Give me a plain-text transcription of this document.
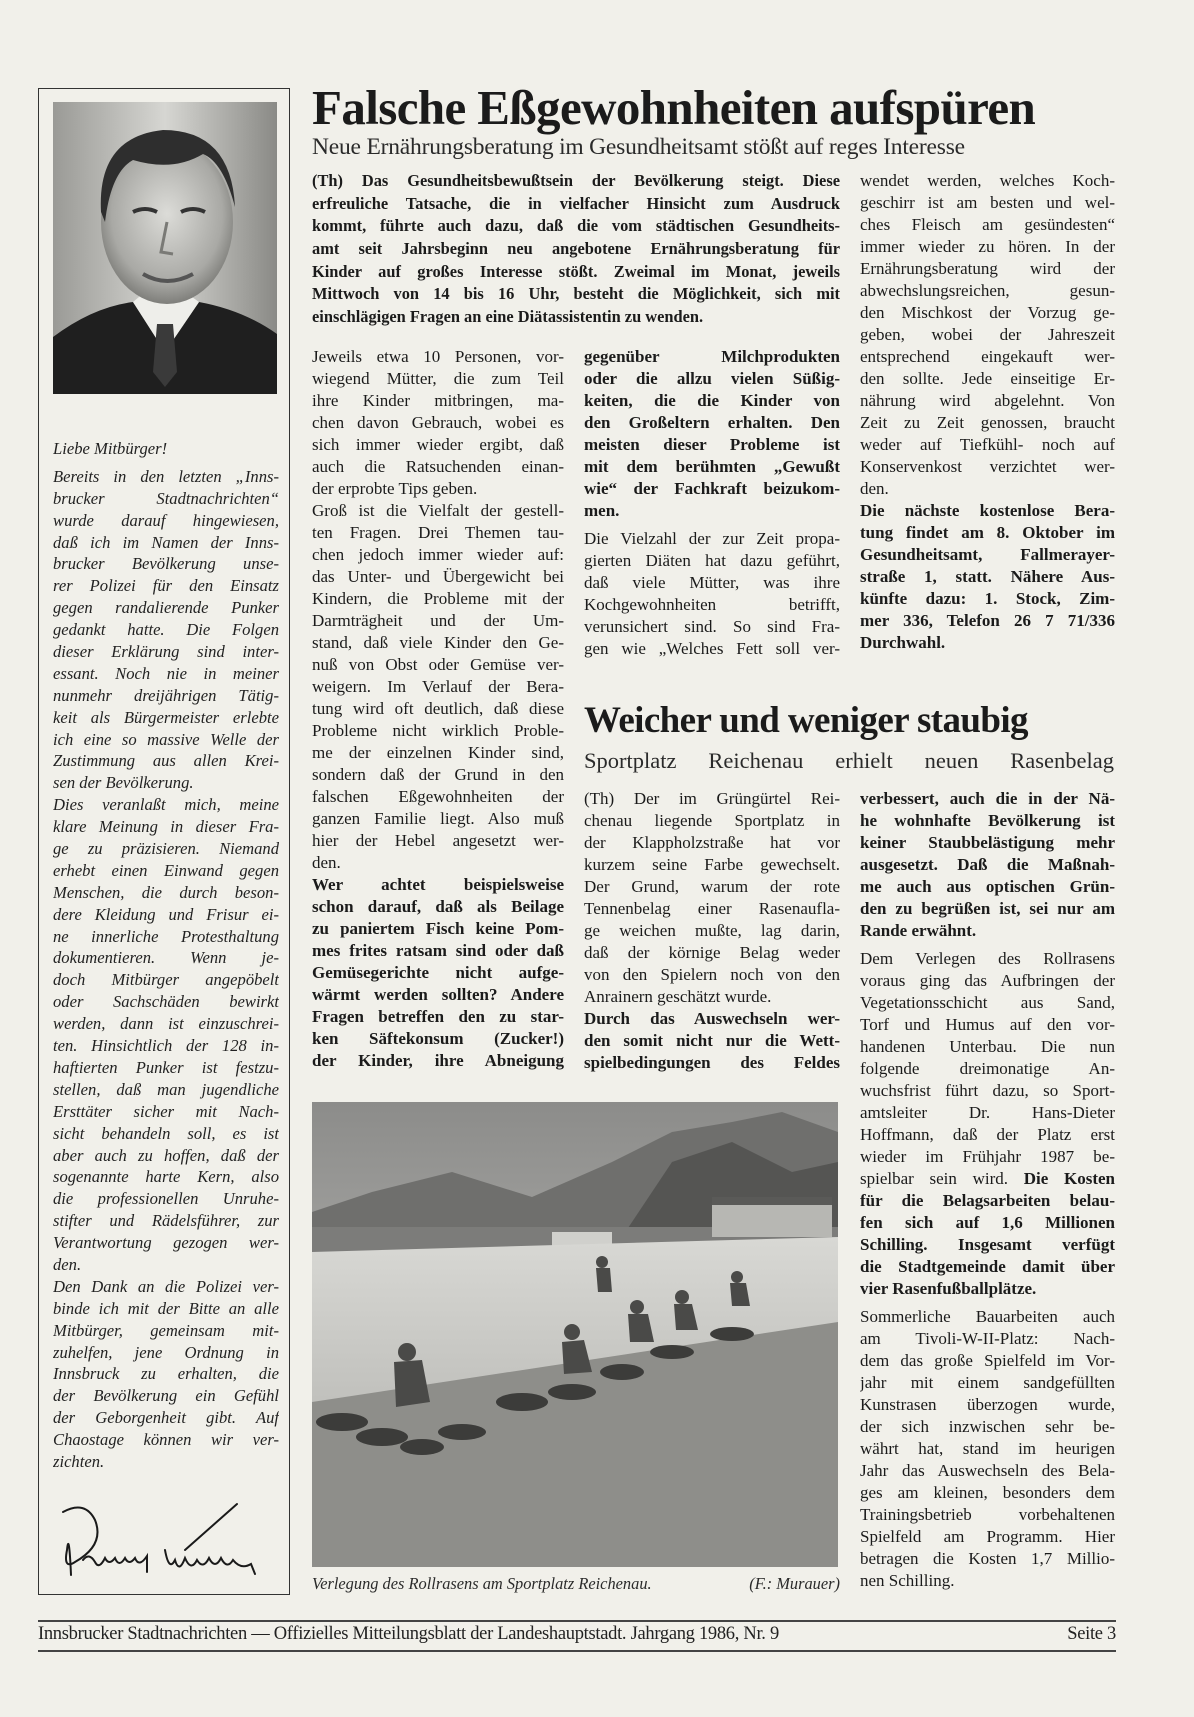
Liebe Mitbürger!
Bereits in den letzten „Inns-
brucker Stadtnachrichten“
wurde darauf hingewiesen,
daß ich im Namen der Inns-
brucker Bevölkerung unse-
rer Polizei für den Einsatz
gegen randalierende Punker
gedankt hatte. Die Folgen
dieser Erklärung sind inter-
essant. Noch nie in meiner
nunmehr dreijährigen Tätig-
keit als Bürgermeister erlebte
ich eine so massive Welle der
Zustimmung aus allen Krei-
sen der Bevölkerung.
Dies veranlaßt mich, meine
klare Meinung in dieser Fra-
ge zu präzisieren. Niemand
erhebt einen Einwand gegen
Menschen, die durch beson-
dere Kleidung und Frisur ei-
ne innerliche Protesthaltung
dokumentieren. Wenn je-
doch Mitbürger angepöbelt
oder Sachschäden bewirkt
werden, dann ist einzuschrei-
ten. Hinsichtlich der 128 in-
haftierten Punker ist festzu-
stellen, daß man jugendliche
Ersttäter sicher mit Nach-
sicht behandeln soll, es ist
aber auch zu hoffen, daß der
sogenannte harte Kern, also
die professionellen Unruhe-
stifter und Rädelsführer, zur
Verantwortung gezogen wer-
den.
Den Dank an die Polizei ver-
binde ich mit der Bitte an alle
Mitbürger, gemeinsam mit-
zuhelfen, jene Ordnung in
Innsbruck zu erhalten, die
der Bevölkerung ein Gefühl
der Geborgenheit gibt. Auf
Chaostage können wir ver-
zichten.
Falsche Eßgewohnheiten aufspüren
Neue Ernährungsberatung im Gesundheitsamt stößt auf reges Interesse
(Th) Das Gesundheitsbewußtsein der Bevölkerung steigt. Diese
erfreuliche Tatsache, die in vielfacher Hinsicht zum Ausdruck
kommt, führte auch dazu, daß die vom städtischen Gesundheits-
amt seit Jahrsbeginn neu angebotene Ernährungsberatung für
Kinder auf großes Interesse stößt. Zweimal im Monat, jeweils
Mittwoch von 14 bis 16 Uhr, besteht die Möglichkeit, sich mit
einschlägigen Fragen an eine Diätassistentin zu wenden.
Jeweils etwa 10 Personen, vor-
wiegend Mütter, die zum Teil
ihre Kinder mitbringen, ma-
chen davon Gebrauch, wobei es
sich immer wieder ergibt, daß
auch die Ratsuchenden einan-
der erprobte Tips geben.
Groß ist die Vielfalt der gestell-
ten Fragen. Drei Themen tau-
chen jedoch immer wieder auf:
das Unter- und Übergewicht bei
Kindern, die Probleme mit der
Darmträgheit und der Um-
stand, daß viele Kinder den Ge-
nuß von Obst oder Gemüse ver-
weigern. Im Verlauf der Bera-
tung wird oft deutlich, daß diese
Probleme nicht wirklich Proble-
me der einzelnen Kinder sind,
sondern daß der Grund in den
falschen Eßgewohnheiten der
ganzen Familie liegt. Also muß
hier der Hebel angesetzt wer-
den.
Wer achtet beispielsweise
schon darauf, daß als Beilage
zu paniertem Fisch keine Pom-
mes frites ratsam sind oder daß
Gemüsegerichte nicht aufge-
wärmt werden sollten? Andere
Fragen betreffen den zu star-
ken Säftekonsum (Zucker!)
der Kinder, ihre Abneigung
gegenüber Milchprodukten
oder die allzu vielen Süßig-
keiten, die die Kinder von
den Großeltern erhalten. Den
meisten dieser Probleme ist
mit dem berühmten „Gewußt
wie“ der Fachkraft beizukom-
men.
Die Vielzahl der zur Zeit propa-
gierten Diäten hat dazu geführt,
daß viele Mütter, was ihre
Kochgewohnheiten betrifft,
verunsichert sind. So sind Fra-
gen wie „Welches Fett soll ver-
wendet werden, welches Koch-
geschirr ist am besten und wel-
ches Fleisch am gesündesten“
immer wieder zu hören. In der
Ernährungsberatung wird der
abwechslungsreichen, gesun-
den Mischkost der Vorzug ge-
geben, wobei der Jahreszeit
entsprechend eingekauft wer-
den sollte. Jede einseitige Er-
nährung wird abgelehnt. Von
Zeit zu Zeit genossen, braucht
weder auf Tiefkühl- noch auf
Konservenkost verzichtet wer-
den.
Die nächste kostenlose Bera-
tung findet am 8. Oktober im
Gesundheitsamt, Fallmerayer-
straße 1, statt. Nähere Aus-
künfte dazu: 1. Stock, Zim-
mer 336, Telefon 26 7 71/336
Durchwahl.
Weicher und weniger staubig
Sportplatz Reichenau erhielt neuen Rasenbelag
(Th) Der im Grüngürtel Rei-
chenau liegende Sportplatz in
der Klappholzstraße hat vor
kurzem seine Farbe gewechselt.
Der Grund, warum der rote
Tennenbelag einer Rasenaufla-
ge weichen mußte, lag darin,
daß der körnige Belag weder
von den Spielern noch von den
Anrainern geschätzt wurde.
Durch das Auswechseln wer-
den somit nicht nur die Wett-
spielbedingungen des Feldes
verbessert, auch die in der Nä-
he wohnhafte Bevölkerung ist
keiner Staubbelästigung mehr
ausgesetzt. Daß die Maßnah-
me auch aus optischen Grün-
den zu begrüßen ist, sei nur am
Rande erwähnt.
Dem Verlegen des Rollrasens
voraus ging das Aufbringen der
Vegetationsschicht aus Sand,
Torf und Humus auf den vor-
handenen Unterbau. Die nun
folgende dreimonatige An-
wuchsfrist führt dazu, so Sport-
amtsleiter Dr. Hans-Dieter
Hoffmann, daß der Platz erst
wieder im Frühjahr 1987 be-
spielbar sein wird. Die Kosten
für die Belagsarbeiten belau-
fen sich auf 1,6 Millionen
Schilling. Insgesamt verfügt
die Stadtgemeinde damit über
vier Rasenfußballplätze.
Sommerliche Bauarbeiten auch
am Tivoli-W-II-Platz: Nach-
dem das große Spielfeld im Vor-
jahr mit einem sandgefüllten
Kunstrasen überzogen wurde,
der sich inzwischen sehr be-
währt hat, stand im heurigen
Jahr das Auswechseln des Bela-
ges am kleinen, besonders dem
Trainingsbetrieb vorbehaltenen
Spielfeld am Programm. Hier
betragen die Kosten 1,7 Millio-
nen Schilling.
Verlegung des Rollrasens am Sportplatz Reichenau.	(F.: Murauer)
Innsbrucker Stadtnachrichten — Offizielles Mitteilungsblatt der Landeshauptstadt. Jahrgang 1986, Nr. 9	Seite 3
